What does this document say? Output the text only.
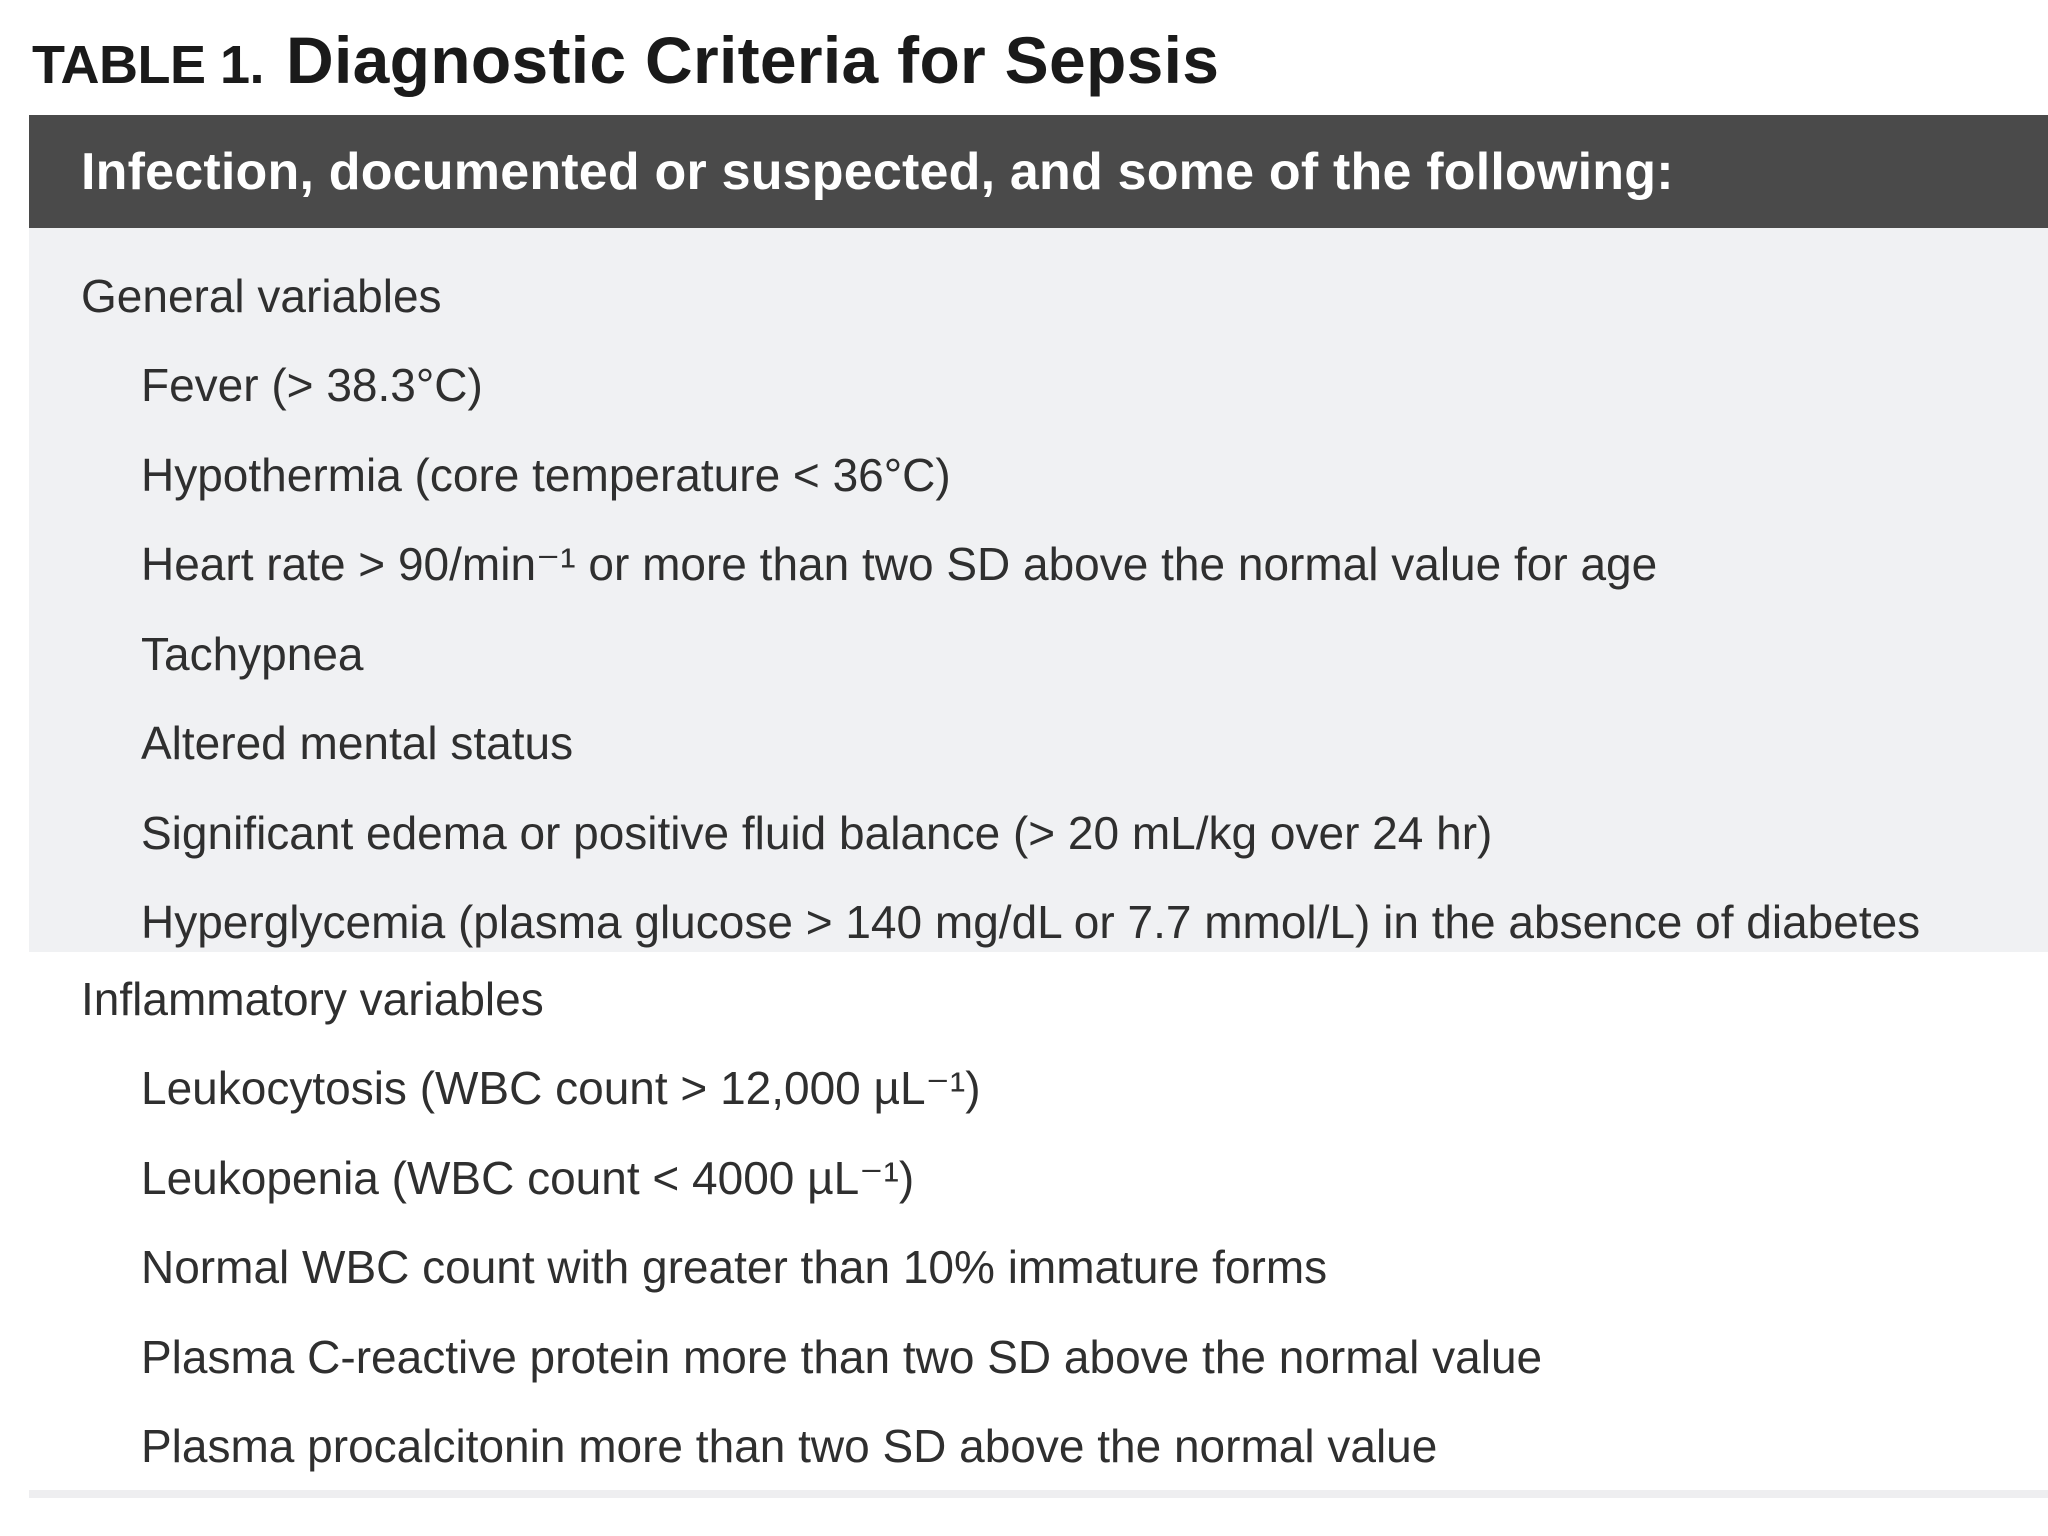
TABLE 1. Diagnostic Criteria for Sepsis
Infection, documented or suspected, and some of the following:
General variables
Fever (> 38.3°C)
Hypothermia (core temperature < 36°C)
Heart rate > 90/min⁻¹ or more than two SD above the normal value for age
Tachypnea
Altered mental status
Significant edema or positive fluid balance (> 20 mL/kg over 24 hr)
Hyperglycemia (plasma glucose > 140 mg/dL or 7.7 mmol/L) in the absence of diabetes
Inflammatory variables
Leukocytosis (WBC count > 12,000 µL⁻¹)
Leukopenia (WBC count < 4000 µL⁻¹)
Normal WBC count with greater than 10% immature forms
Plasma C-reactive protein more than two SD above the normal value
Plasma procalcitonin more than two SD above the normal value
